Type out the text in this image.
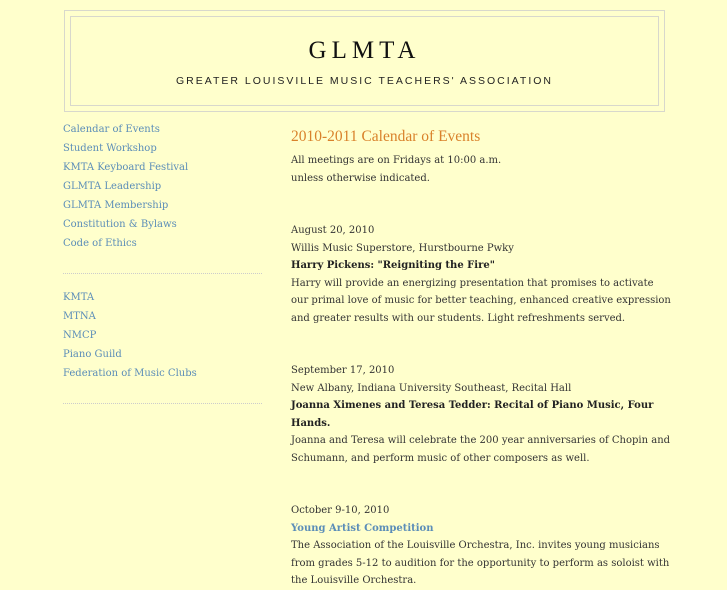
GLMTA
GREATER LOUISVILLE MUSIC TEACHERS' ASSOCIATION
Calendar of Events
Student Workshop
KMTA Keyboard Festival
GLMTA Leadership
GLMTA Membership
Constitution & Bylaws
Code of Ethics
KMTA
MTNA
NMCP
Piano Guild
Federation of Music Clubs
2010-2011 Calendar of Events

All meetings are on Fridays at 10:00 a.m.

unless otherwise indicated.

August 20, 2010

Willis Music Superstore, Hurstbourne Pwky

Harry Pickens: "Reigniting the Fire"

Harry will provide an energizing presentation that promises to activate our primal love of music for better teaching, enhanced creative expression and greater results with our students. Light refreshments served.

September 17, 2010

New Albany, Indiana University Southeast, Recital Hall

Joanna Ximenes and Teresa Tedder: Recital of Piano Music, Four Hands.

Joanna and Teresa will celebrate the 200 year anniversaries of Chopin and Schumann, and perform music of other composers as well.

October 9-10, 2010

Young Artist Competition

The Association of the Louisville Orchestra, Inc. invites young musicians from grades 5-12 to audition for the opportunity to perform as soloist with the Louisville Orchestra.
